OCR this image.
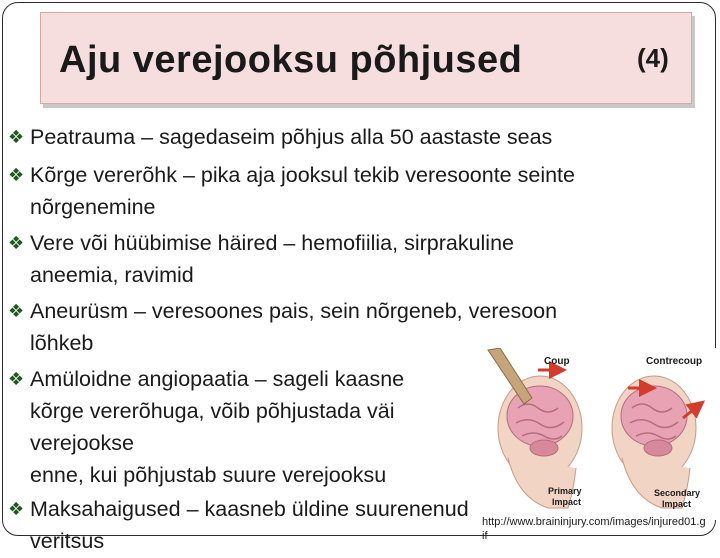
Aju verejooksu põhjused	(4)
❖ Peatrauma – sagedaseim põhjus alla 50 aastaste seas
❖ Kõrge vererõhk – pika aja jooksul tekib veresoonte seinte
nõrgenemine
❖ Vere või hüübimise häired – hemofiilia, sirprakuline
aneemia, ravimid
❖ Aneurüsm – veresoones pais, sein nõrgeneb, veresoon
lõhkeb
❖ Amüloidne angiopaatia – sageli kaasne
kõrge vererõhuga, võib põhjustada väi
verejookse
enne, kui põhjustab suure verejooksu
❖ Maksahaigused – kaasneb üldine suurenenud
veritsus
Coup	Contrecoup
Primary
Impact
Secondary
Impact
http://www.braininjury.com/images/injured01.g
if
